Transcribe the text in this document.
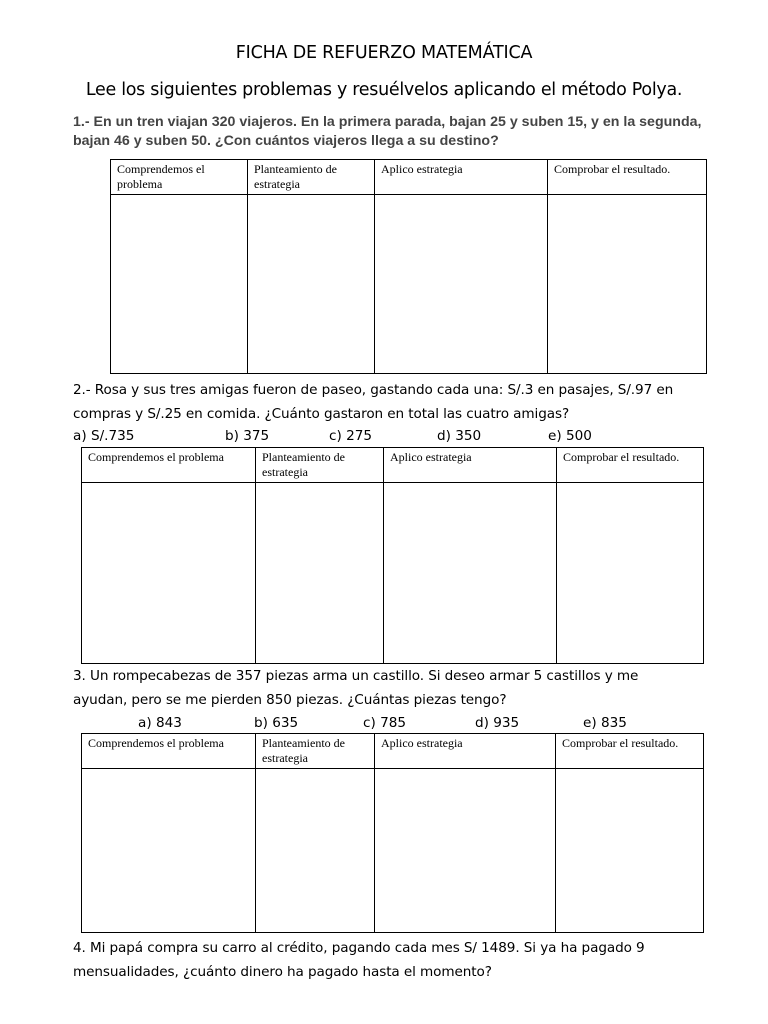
FICHA DE REFUERZO MATEMÁTICA
Lee los siguientes problemas y resuélvelos aplicando el método Polya.
1.- En un tren viajan 320 viajeros. En la primera parada, bajan 25 y suben 15, y en la segunda, bajan 46 y suben 50. ¿Con cuántos viajeros llega a su destino?
Comprendemos el problema	Planteamiento de estrategia	Aplico estrategia	Comprobar el resultado.

2.- Rosa y sus tres amigas fueron de paseo, gastando cada una: S/.3 en pasajes, S/.97 en compras y S/.25 en comida. ¿Cuánto gastaron en total las cuatro amigas?
a) S/.735	b) 375	c) 275	d) 350	e) 500
Comprendemos el problema	Planteamiento de estrategia	Aplico estrategia	Comprobar el resultado.

3. Un rompecabezas de 357 piezas arma un castillo. Si deseo armar 5 castillos y me ayudan, pero se me pierden 850 piezas. ¿Cuántas piezas tengo?
a) 843	b) 635	c) 785	d) 935	e) 835
Comprendemos el problema	Planteamiento de estrategia	Aplico estrategia	Comprobar el resultado.

4. Mi papá compra su carro al crédito, pagando cada mes S/ 1489. Si ya ha pagado 9 mensualidades, ¿cuánto dinero ha pagado hasta el momento?
